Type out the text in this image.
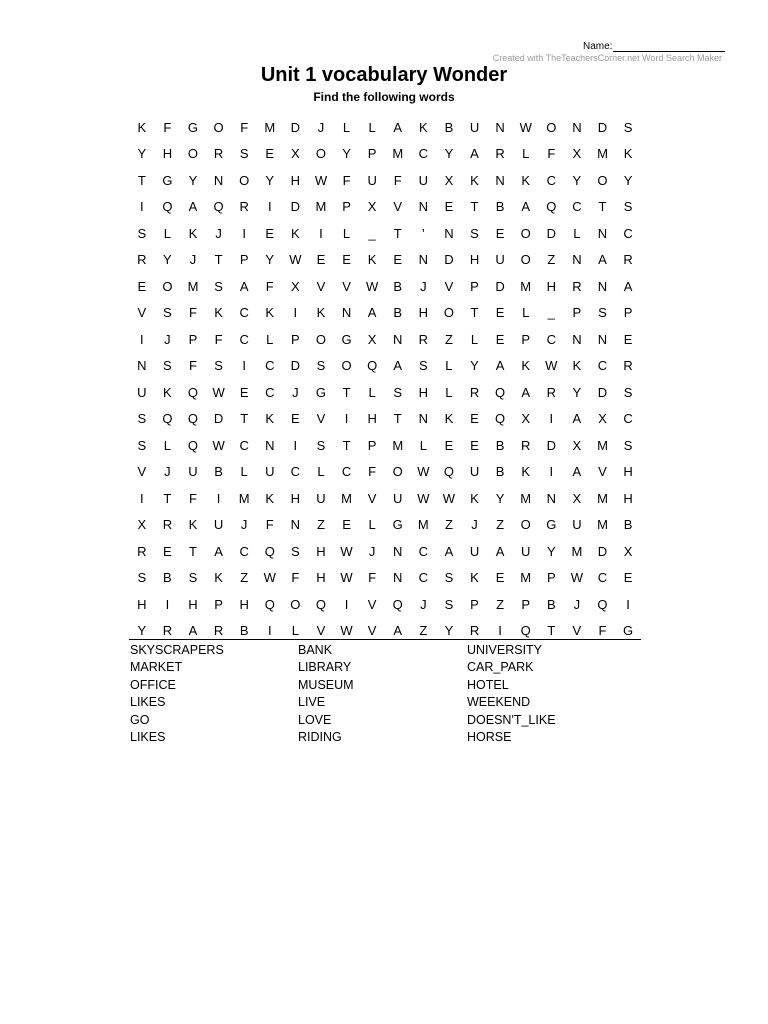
Name:
Created with TheTeachersCorner.net Word Search Maker
Unit 1 vocabulary Wonder
Find the following words
K	F	G	O	F	M	D	J	L	L	A	K	B	U	N	W	O	N	D	S
Y	H	O	R	S	E	X	O	Y	P	M	C	Y	A	R	L	F	X	M	K
T	G	Y	N	O	Y	H	W	F	U	F	U	X	K	N	K	C	Y	O	Y
I	Q	A	Q	R	I	D	M	P	X	V	N	E	T	B	A	Q	C	T	S
S	L	K	J	I	E	K	I	L	_	T	'	N	S	E	O	D	L	N	C
R	Y	J	T	P	Y	W	E	E	K	E	N	D	H	U	O	Z	N	A	R
E	O	M	S	A	F	X	V	V	W	B	J	V	P	D	M	H	R	N	A
V	S	F	K	C	K	I	K	N	A	B	H	O	T	E	L	_	P	S	P
I	J	P	F	C	L	P	O	G	X	N	R	Z	L	E	P	C	N	N	E
N	S	F	S	I	C	D	S	O	Q	A	S	L	Y	A	K	W	K	C	R
U	K	Q	W	E	C	J	G	T	L	S	H	L	R	Q	A	R	Y	D	S
S	Q	Q	D	T	K	E	V	I	H	T	N	K	E	Q	X	I	A	X	C
S	L	Q	W	C	N	I	S	T	P	M	L	E	E	B	R	D	X	M	S
V	J	U	B	L	U	C	L	C	F	O	W	Q	U	B	K	I	A	V	H
I	T	F	I	M	K	H	U	M	V	U	W	W	K	Y	M	N	X	M	H
X	R	K	U	J	F	N	Z	E	L	G	M	Z	J	Z	O	G	U	M	B
R	E	T	A	C	Q	S	H	W	J	N	C	A	U	A	U	Y	M	D	X
S	B	S	K	Z	W	F	H	W	F	N	C	S	K	E	M	P	W	C	E
H	I	H	P	H	Q	O	Q	I	V	Q	J	S	P	Z	P	B	J	Q	I
Y	R	A	R	B	I	L	V	W	V	A	Z	Y	R	I	Q	T	V	F	G
SKYSCRAPERS
MARKET
OFFICE
LIKES
GO
LIKES
BANK
LIBRARY
MUSEUM
LIVE
LOVE
RIDING
UNIVERSITY
CAR_PARK
HOTEL
WEEKEND
DOESN'T_LIKE
HORSE
